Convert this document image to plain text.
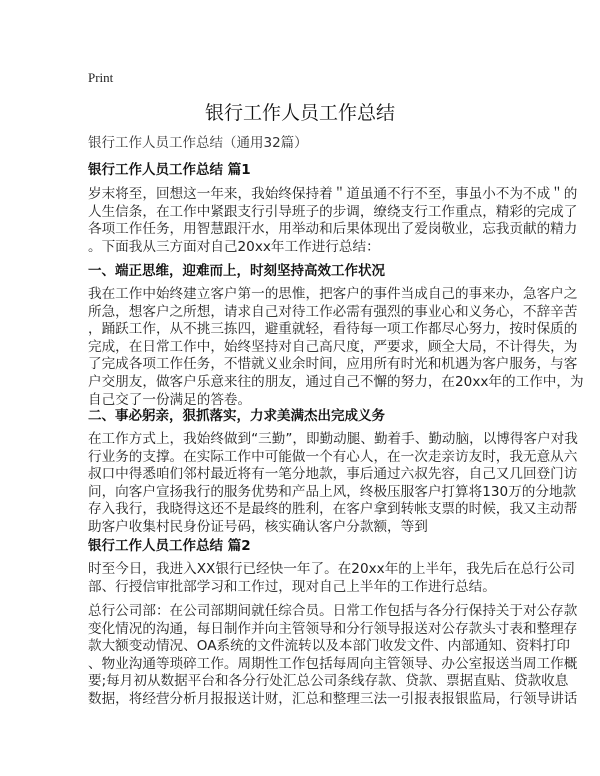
Print
银行工作人员工作总结
银行工作人员工作总结（通用32篇）
银行工作人员工作总结 篇1
岁末将至，回想这一年来，我始终保持着＂道虽通不行不至，事虽小不为不成＂的
人生信条，在工作中紧跟支行引导班子的步调，缭绕支行工作重点，精彩的完成了
各项工作任务，用智慧跟汗水，用举动和后果体现出了爱岗敬业，忘我贡献的精力
。下面我从三方面对自己20xx年工作进行总结：
一、端正思维，迎难而上，时刻坚持高效工作状况
我在工作中始终建立客户第一的思惟，把客户的事件当成自己的事来办，急客户之
所急，想客户之所想，请求自己对待工作必需有强烈的事业心和义务心，不辞辛苦
，踊跃工作，从不挑三拣四，避重就轻，看待每一项工作都尽心努力，按时保质的
完成，在日常工作中，始终坚持对自己高尺度，严要求，顾全大局，不计得失，为
了完成各项工作任务，不惜就义业余时间，应用所有时光和机遇为客户服务，与客
户交朋友，做客户乐意来往的朋友，通过自己不懈的努力，在20xx年的工作中，为
自己交了一份满足的答卷。
二、事必躬亲，狠抓落实，力求美满杰出完成义务
在工作方式上，我始终做到“三勤”，即勤动腿、勤着手、勤动脑，以博得客户对我
行业务的支撑。在实际工作中可能做一个有心人，在一次走亲访友时，我无意从六
叔口中得悉咱们邻村最近将有一笔分地款，事后通过六叔先容，自己又几回登门访
问，向客户宣扬我行的服务优势和产品上风，终极压服客户打算将130万的分地款
存入我行，我晓得这还不是最终的胜利，在客户拿到转帐支票的时候，我又主动帮
助客户收集村民身份证号码，核实确认客户分款额，等到
银行工作人员工作总结 篇2
时至今日，我进入XX银行已经快一年了。在20xx年的上半年，我先后在总行公司
部、行授信审批部学习和工作过，现对自己上半年的工作进行总结。
总行公司部：在公司部期间就任综合员。日常工作包括与各分行保持关于对公存款
变化情况的沟通，每日制作并向主管领导和分行领导报送对公存款头寸表和整理存
款大额变动情况、OA系统的文件流转以及本部门收发文件、内部通知、资料打印
、物业沟通等琐碎工作。周期性工作包括每周向主管领导、办公室报送当周工作概
要;每月初从数据平台和各分行处汇总公司条线存款、贷款、票据直贴、贷款收息
数据，将经营分析月报报送计财，汇总和整理三法一引报表报银监局，行领导讲话
